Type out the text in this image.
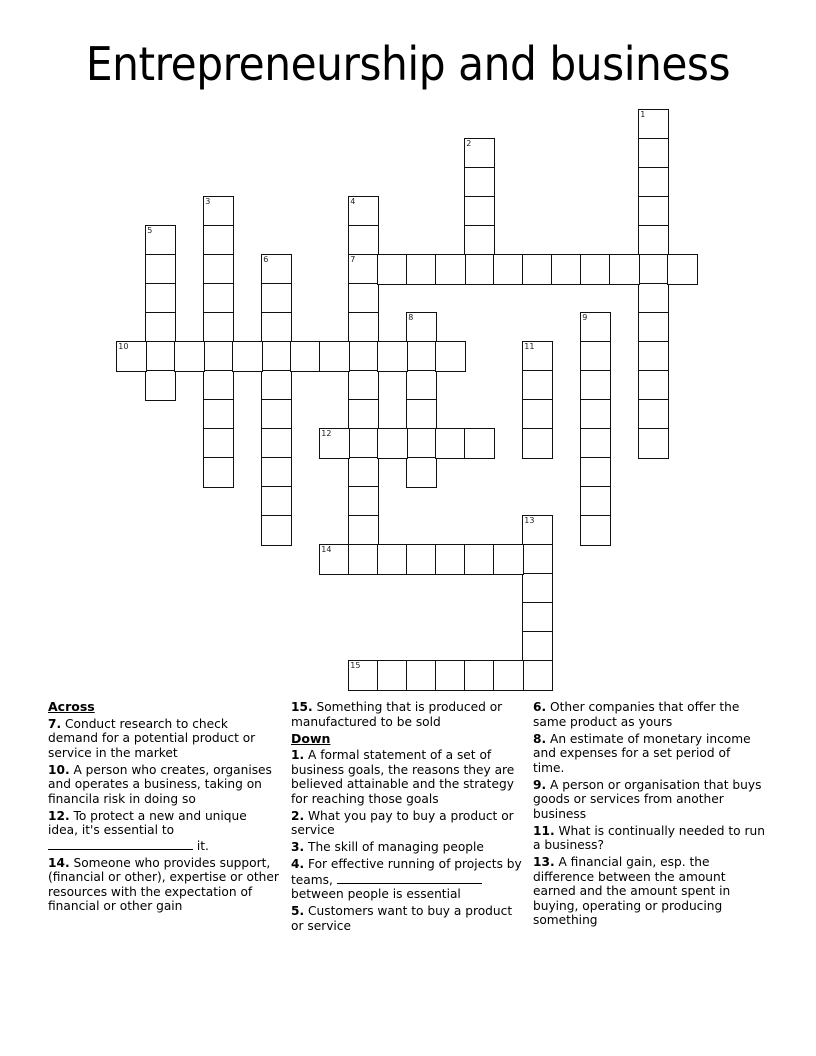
Entrepreneurship and business
1
2
3	4
7
5
6
8	9
10	11
12
13
14
15
Across
7. Conduct research to check demand for a potential product or service in the market
10. A person who creates, organises and operates a business, taking on financila risk in doing so
12. To protect a new and unique idea, it's essential to  it.
14. Someone who provides support, (financial or other), expertise or other resources with the expectation of financial or other gain
15. Something that is produced or manufactured to be sold
Down
1. A formal statement of a set of business goals, the reasons they are believed attainable and the strategy for reaching those goals
2. What you pay to buy a product or service
3. The skill of managing people
4. For effective running of projects by teams,  between people is essential
5. Customers want to buy a product or service
6. Other companies that offer the same product as yours
8. An estimate of monetary income and expenses for a set period of time.
9. A person or organisation that buys goods or services from another business
11. What is continually needed to run a business?
13. A financial gain, esp. the difference between the amount earned and the amount spent in buying, operating or producing something
